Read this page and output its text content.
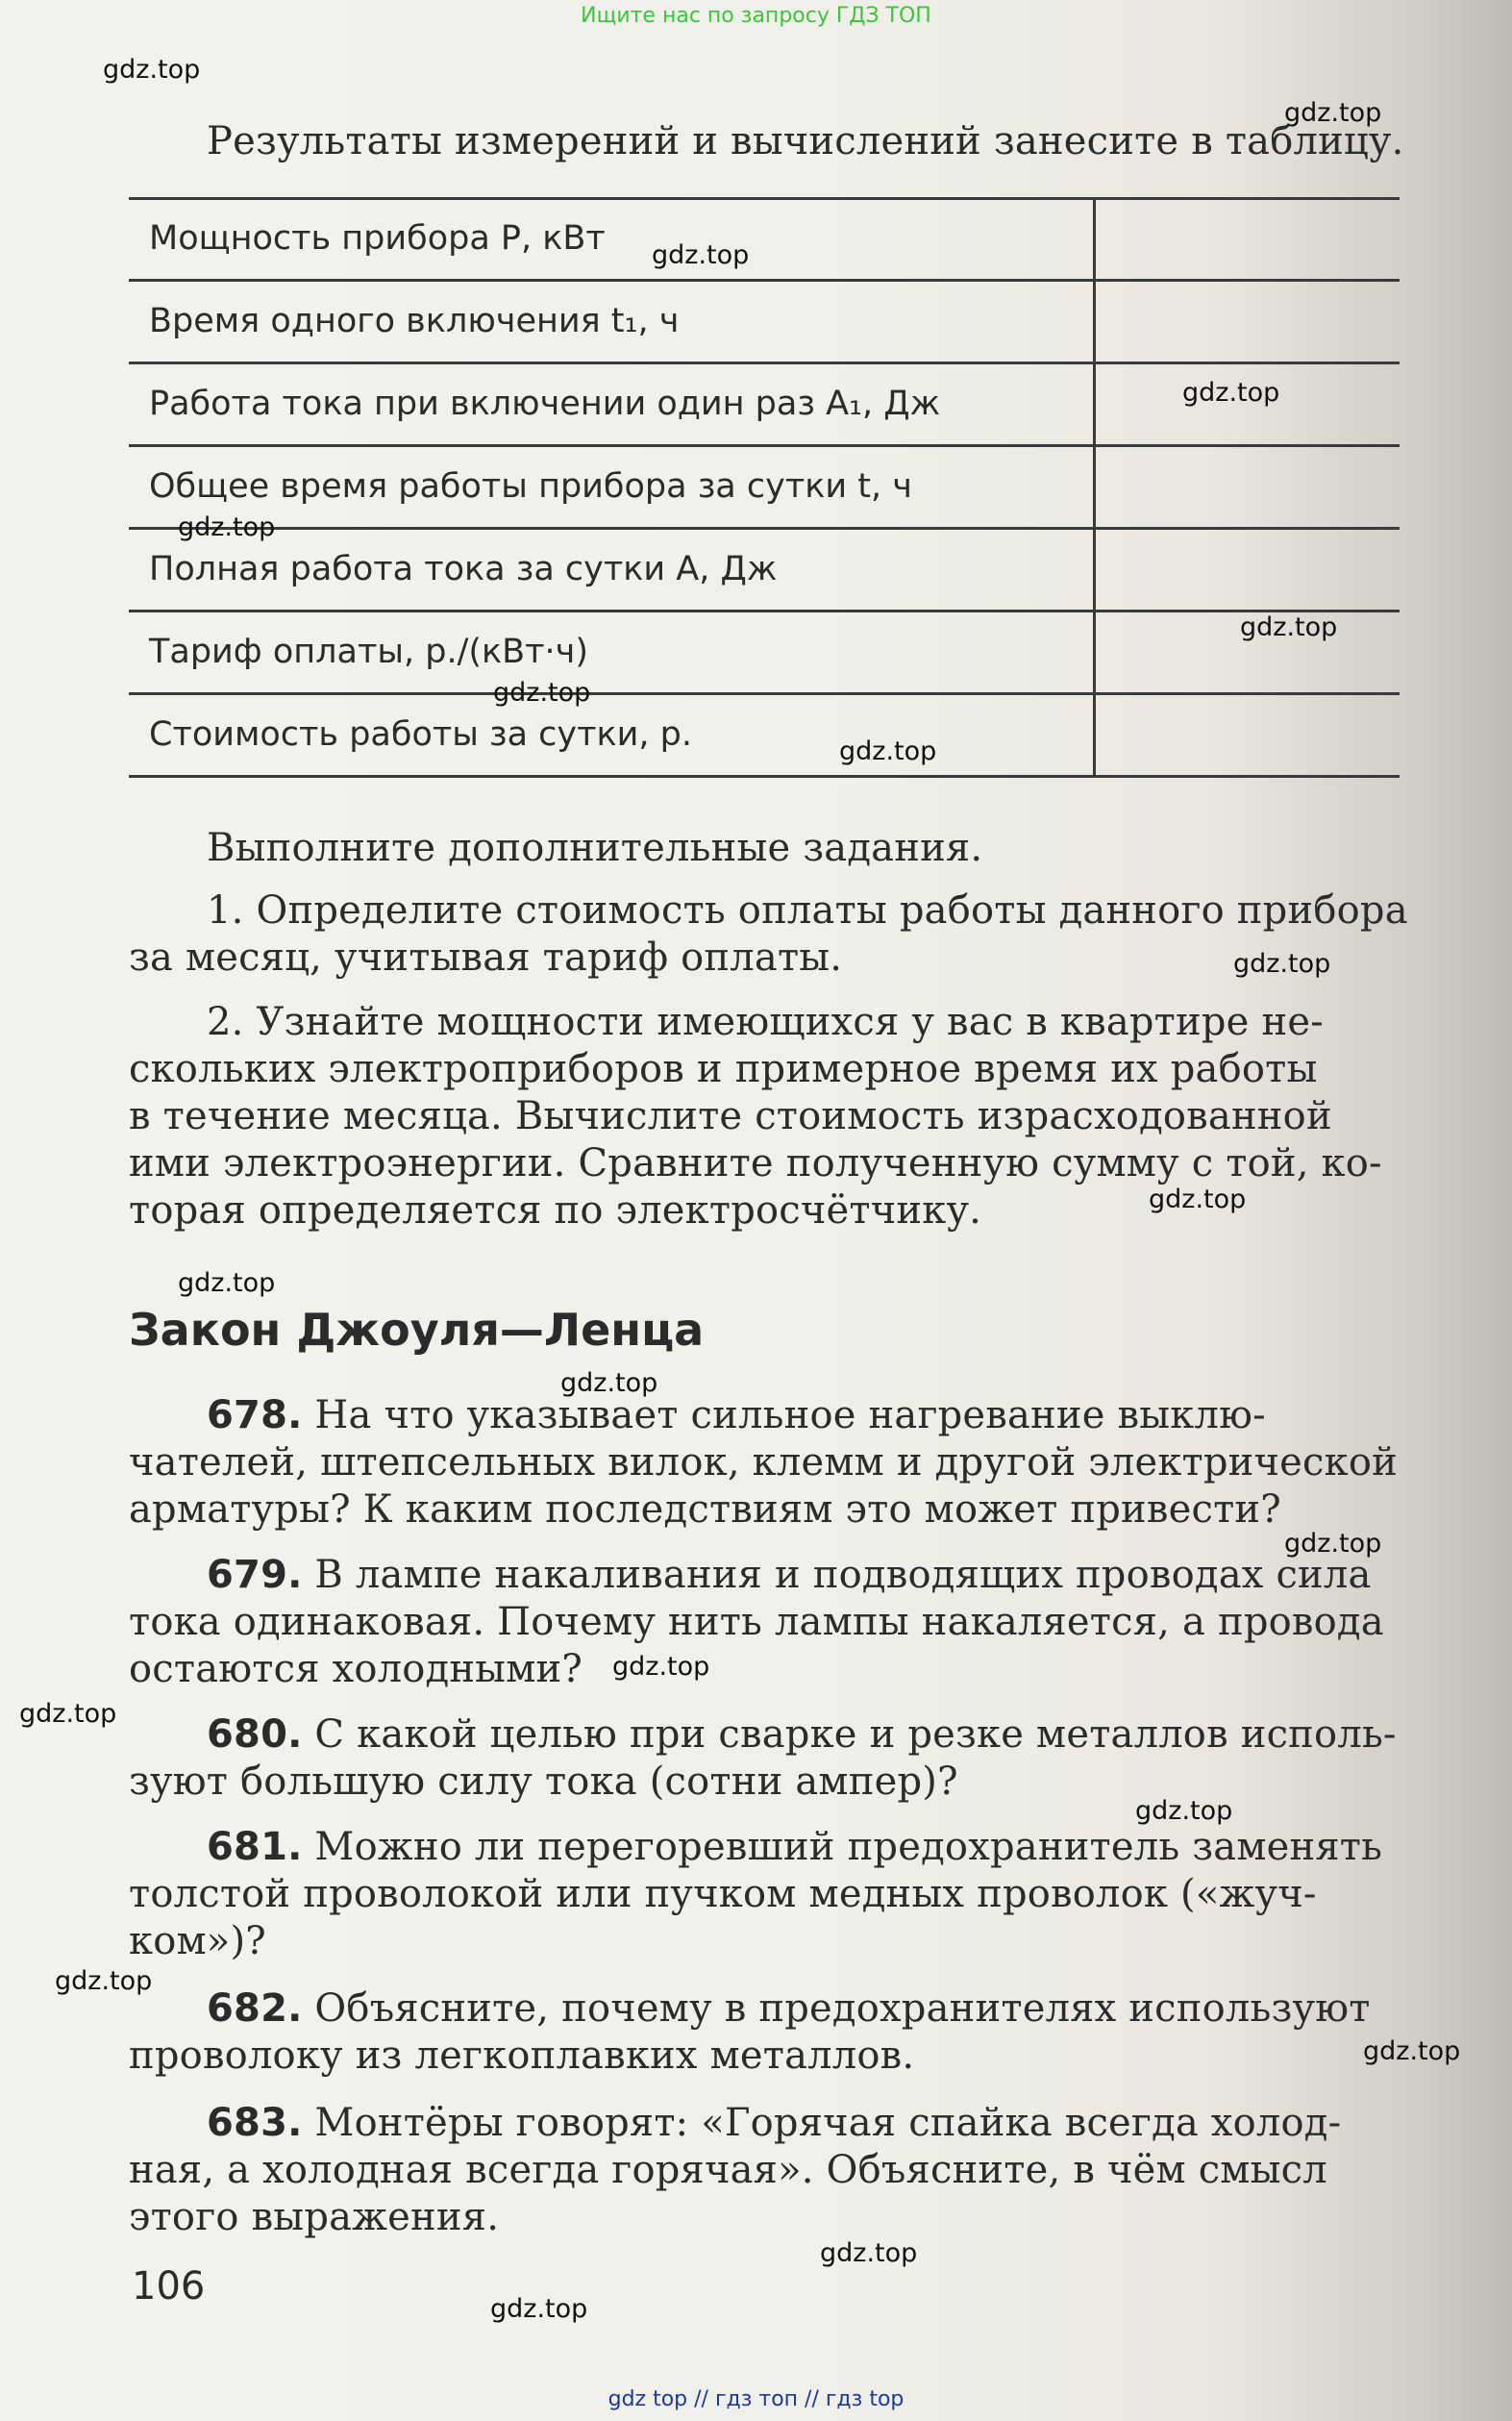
Ищите нас по запросу ГДЗ ТОП
Результаты измерений и вычислений занесите в таблицу.
Мощность прибора P, кВт
Время одного включения t₁, ч
Работа тока при включении один раз A₁, Дж
Общее время работы прибора за сутки t, ч
Полная работа тока за сутки A, Дж
Тариф оплаты, р./(кВт·ч)
Стоимость работы за сутки, р.
Выполните дополнительные задания.
1. Определите стоимость оплаты работы данного прибора
за месяц, учитывая тариф оплаты.
2. Узнайте мощности имеющихся у вас в квартире не-
скольких электроприборов и примерное время их работы
в течение месяца. Вычислите стоимость израсходованной
ими электроэнергии. Сравните полученную сумму с той, ко-
торая определяется по электросчётчику.
Закон Джоуля—Ленца
678. На что указывает сильное нагревание выклю-
чателей, штепсельных вилок, клемм и другой электрической
арматуры? К каким последствиям это может привести?
679. В лампе накаливания и подводящих проводах сила
тока одинаковая. Почему нить лампы накаляется, а провода
остаются холодными?
680. С какой целью при сварке и резке металлов исполь-
зуют большую силу тока (сотни ампер)?
681. Можно ли перегоревший предохранитель заменять
толстой проволокой или пучком медных проволок («жуч-
ком»)?
682. Объясните, почему в предохранителях используют
проволоку из легкоплавких металлов.
683. Монтёры говорят: «Горячая спайка всегда холод-
ная, а холодная всегда горячая». Объясните, в чём смысл
этого выражения.
106
gdz.top
gdz.top
gdz.top
gdz.top
gdz.top
gdz.top
gdz.top
gdz.top
gdz.top
gdz.top
gdz.top
gdz.top
gdz.top
gdz.top
gdz.top
gdz.top
gdz.top
gdz.top
gdz.top
gdz.top
gdz top // гдз топ // гдз top
